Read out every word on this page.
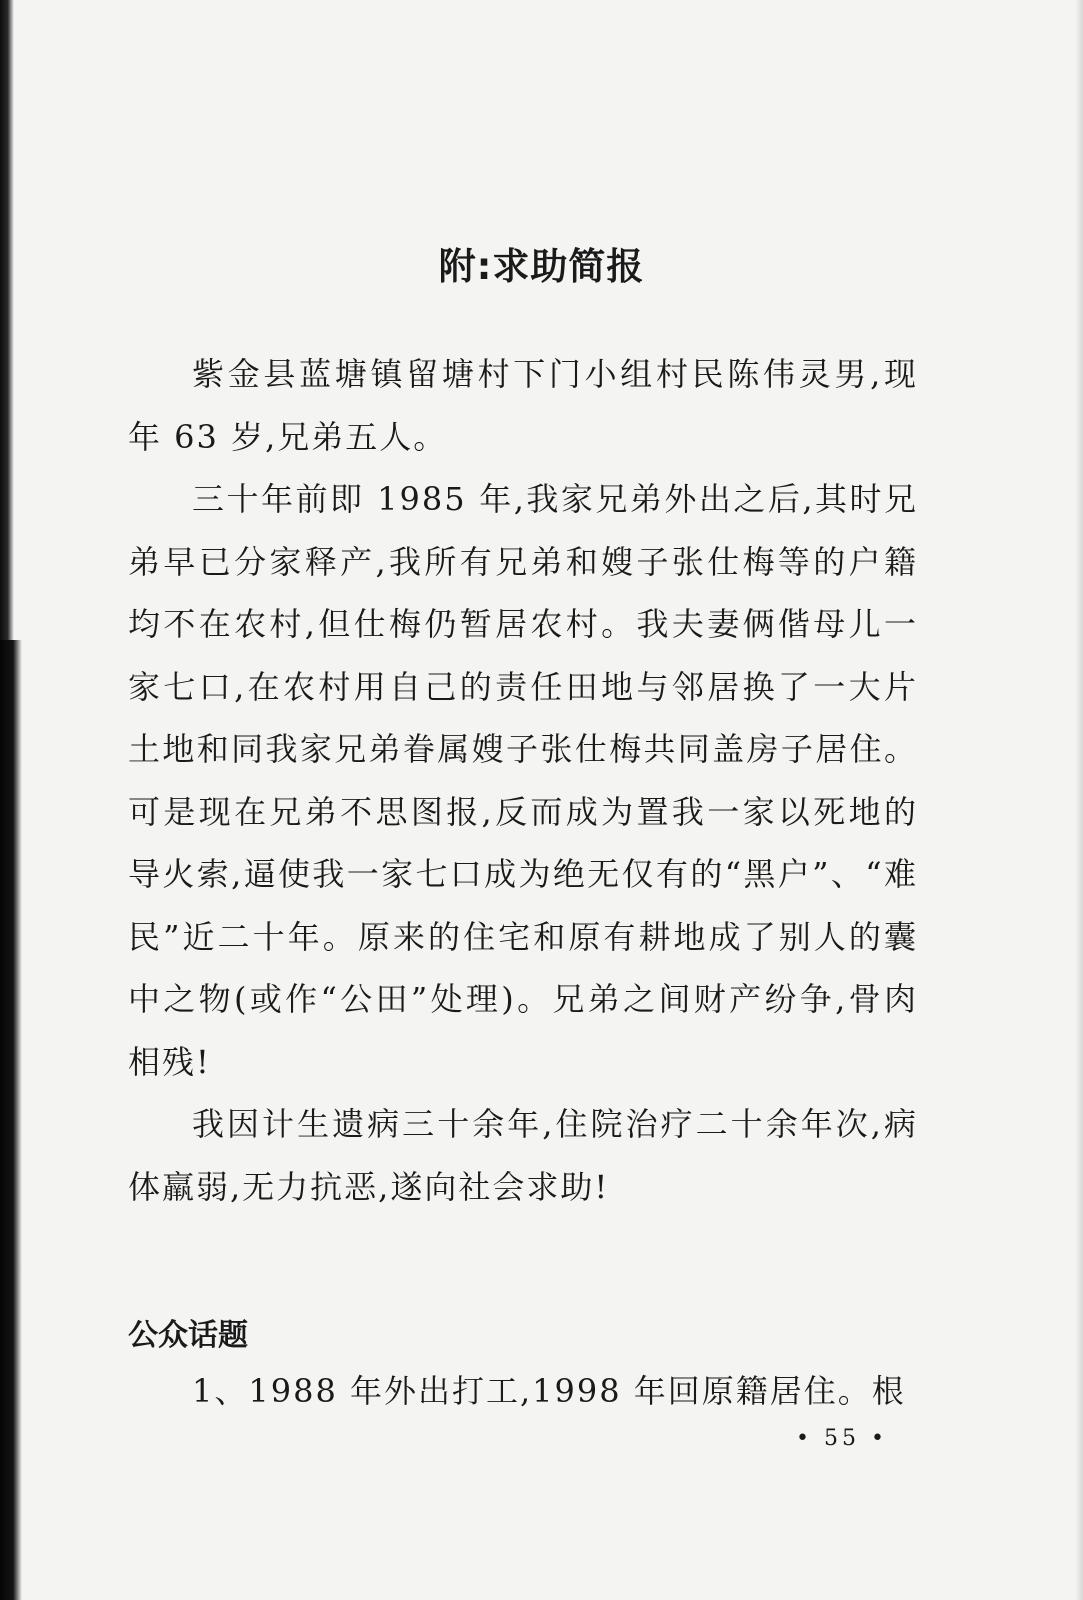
附:求助简报

紫金县蓝塘镇留塘村下门小组村民陈伟灵男,现年 63 岁,兄弟五人。

三十年前即 1985 年,我家兄弟外出之后,其时兄弟早已分家释产,我所有兄弟和嫂子张仕梅等的户籍均不在农村,但仕梅仍暂居农村。我夫妻俩偕母儿一家七口,在农村用自己的责任田地与邻居换了一大片土地和同我家兄弟眷属嫂子张仕梅共同盖房子居住。可是现在兄弟不思图报,反而成为置我一家以死地的导火索,逼使我一家七口成为绝无仅有的“黑户”、“难民”近二十年。原来的住宅和原有耕地成了别人的囊中之物(或作“公田”处理)。兄弟之间财产纷争,骨肉相残!

我因计生遗病三十余年,住院治疗二十余年次,病体羸弱,无力抗恶,遂向社会求助!

公众话题

1、1988 年外出打工,1998 年回原籍居住。根

• 55 •
